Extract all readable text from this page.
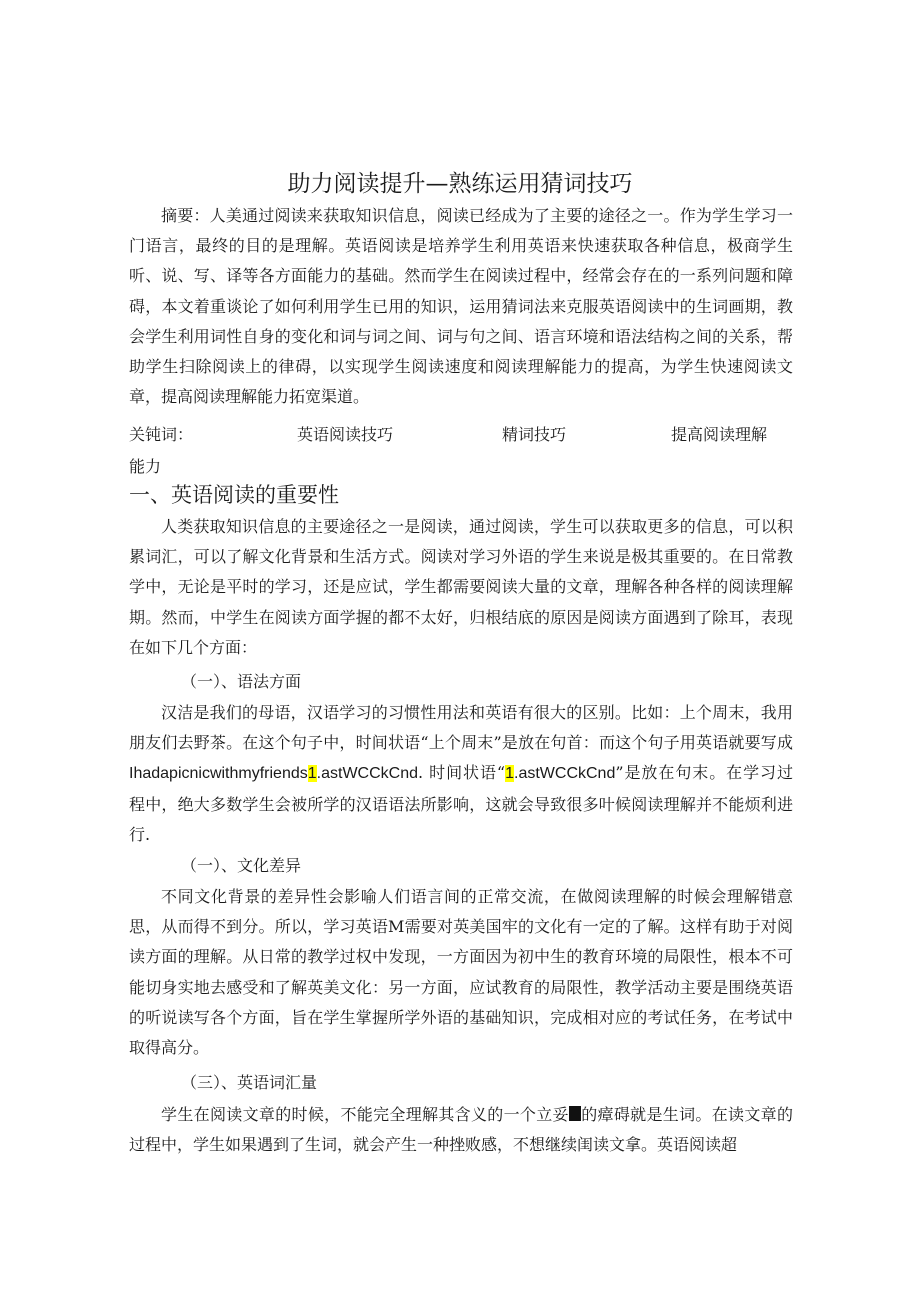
助力阅读提升—熟练运用猜词技巧

摘要：人美通过阅读来获取知识信息，阅读已经成为了主要的途径之一。作为学生学习一门语言，最终的目的是理解。英语阅读是培养学生利用英语来快速获取各种信息，极商学生听、说、写、译等各方面能力的基础。然而学生在阅读过程中，经常会存在的一系列问题和障碍，本文着重谈论了如何利用学生已用的知识，运用猜词法来克服英语阅读中的生词画期，教会学生利用词性自身的变化和词与词之间、词与句之间、语言环境和语法结构之间的关系，帮助学生扫除阅读上的律碍，以实现学生阅读速度和阅读理解能力的提高，为学生快速阅读文章，提高阅读理解能力拓宽渠道。

关钝词：	英语阅读技巧	精词技巧	提高阅读理解
能力
一、英语阅读的重要性

人类获取知识信息的主要途径之一是阅读，通过阅读，学生可以获取更多的信息，可以积累词汇，可以了解文化背景和生活方式。阅读对学习外语的学生来说是极其重要的。在日常教学中，无论是平时的学习，还是应试，学生都需要阅读大量的文章，理解各种各样的阅读理解期。然而，中学生在阅读方面学握的都不太好，归根结底的原因是阅读方面遇到了除耳，表现在如下几个方面：

（一）、语法方面

汉洁是我们的母语，汉语学习的习惯性用法和英语有很大的区别。比如：上个周末，我用朋友们去野茶。在这个句子中，时间状语“上个周末”是放在句首：而这个句子用英语就要写成Ihadapicnicwithmyfriends1.astWCCkCnd. 时间状语“1.astWCCkCnd”是放在句末。在学习过程中，绝大多数学生会被所学的汉语语法所影响，这就会导致很多叶候阅读理解并不能烦利进行.

（一）、文化差异

不同文化背景的差异性会影喻人们语言间的正常交流，在做阅读理解的时候会理解错意思，从而得不到分。所以，学习英语M需要对英美国牢的文化有一定的了解。这样有助于对阅读方面的理解。从日常的教学过权中发现，一方面因为初中生的教育环境的局限性，根本不可能切身实地去感受和了解英美文化：另一方面，应试教育的局限性，教学活动主要是围绕英语的听说读写各个方面，旨在学生掌握所学外语的基础知识，完成相对应的考试任务，在考试中取得高分。

（三）、英语词汇量

学生在阅读文章的时候，不能完全理解其含义的一个立妥 的瘴碍就是生词。在读文章的过程中，学生如果遇到了生词，就会产生一种挫败感，不想继续闺读文拿。英语阅读超
